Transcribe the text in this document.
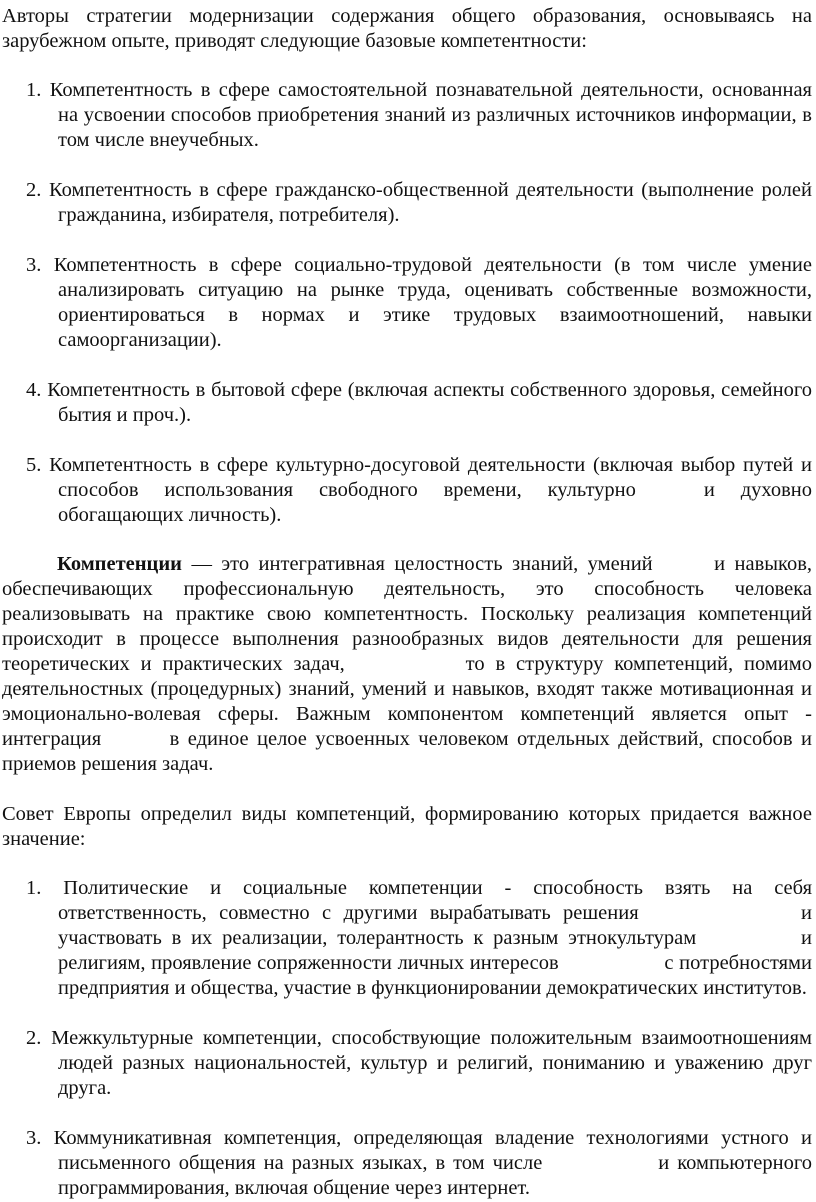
Авторы стратегии модернизации содержания общего образования, основываясь на зарубежном опыте, приводят следующие базовые компетентности:

1. Компетентность в сфере самостоятельной познавательной деятельности, основанная на усвоении способов приобретения знаний из различных источников информации, в том числе внеучебных.

2. Компетентность в сфере гражданско-общественной деятельности (выполнение ролей гражданина, избирателя, потребителя).

3. Компетентность в сфере социально-трудовой деятельности (в том числе умение анализировать ситуацию на рынке труда, оценивать собственные возможности, ориентироваться в нормах и этике трудовых взаимоотношений, навыки самоорганизации).

4. Компетентность в бытовой сфере (включая аспекты собственного здоровья, семейного бытия и проч.).

5. Компетентность в сфере культурно-досуговой деятельности (включая выбор путей и способов использования свободного времени, культурно	и духовно обогащающих личность).

Компетенции — это интегративная целостность знаний, умений	и навыков, обеспечивающих профессиональную деятельность, это способность человека реализовывать на практике свою компетентность. Поскольку реализация компетенций происходит в процессе выполнения разнообразных видов деятельности для решения теоретических и практических задач,	то в структуру компетенций, помимо деятельностных (процедурных) знаний, умений и навыков, входят также мотивационная и эмоционально-волевая сферы. Важным компонентом компетенций является опыт - интеграция	в единое целое усвоенных человеком отдельных действий, способов и приемов решения задач.

Совет Европы определил виды компетенций, формированию которых придается важное значение:

1. Политические и социальные компетенции - способность взять на себя ответственность, совместно с другими вырабатывать решения	и участвовать в их реализации, толерантность к разным этнокультурам	и религиям, проявление сопряженности личных интересов	с потребностями предприятия и общества, участие в функционировании демократических институтов.

2. Межкультурные компетенции, способствующие положительным взаимоотношениям людей разных национальностей, культур и религий, пониманию и уважению друг друга.

3. Коммуникативная компетенция, определяющая владение технологиями устного и письменного общения на разных языках, в том числе	и компьютерного программирования, включая общение через интернет.
